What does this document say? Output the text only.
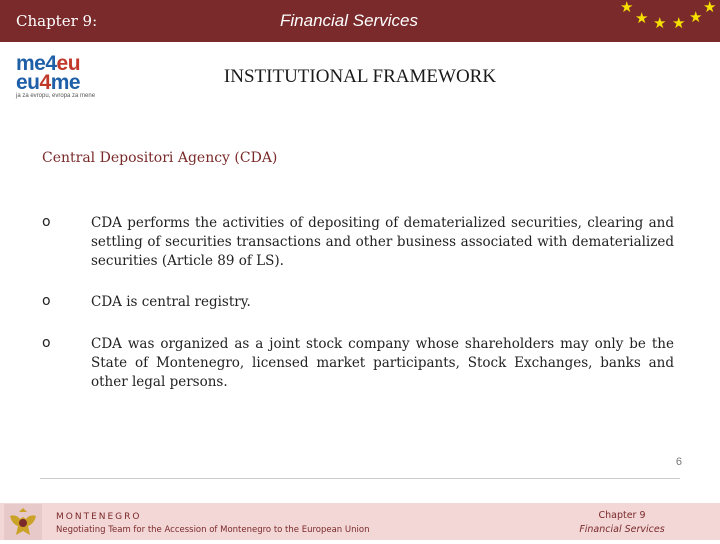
Chapter 9:	Financial Services
★
★ ★ ★ ★
★
me4eu
eu4me
ja za evropu, evropa za mene
INSTITUTIONAL FRAMEWORK
Central Depositori Agency (CDA)
o	CDA performs the activities of depositing of dematerialized securities, clearing and settling of securities transactions and other business associated with dematerialized securities (Article 89 of LS).
o	CDA is central registry.
o	CDA was organized as a joint stock company whose shareholders may only be the State of Montenegro, licensed market participants, Stock Exchanges, banks and other legal persons.
6
MONTENEGRO
Negotiating Team for the Accession of Montenegro to the European Union
Chapter 9
Financial Services
